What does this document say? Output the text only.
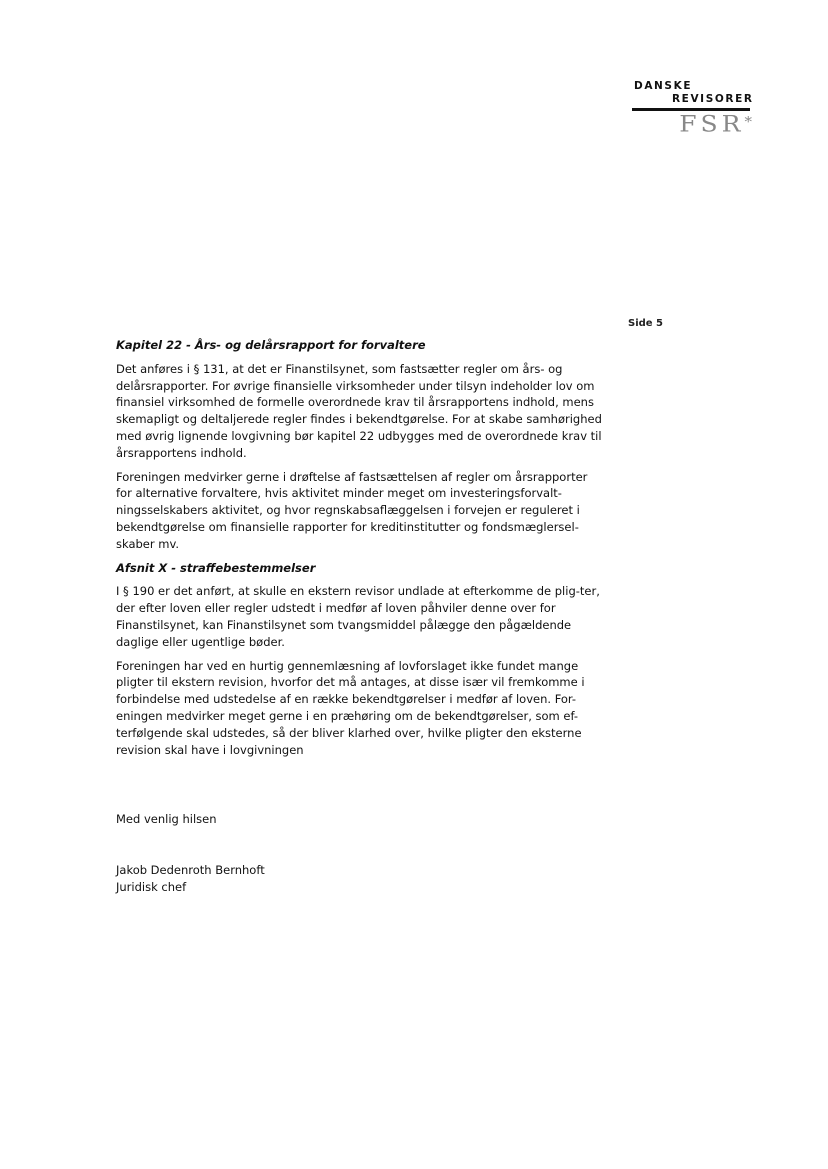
DANSKE
REVISORER
FSR*
Side 5
Kapitel 22 - Års- og delårsrapport for forvaltere

Det anføres i § 131, at det er Finanstilsynet, som fastsætter regler om års- og delårsrapporter. For øvrige finansielle virksomheder under tilsyn indeholder lov om finansiel virksomhed de formelle overordnede krav til årsrapportens indhold, mens skemapligt og deltaljerede regler findes i bekendtgørelse. For at skabe samhørighed med øvrig lignende lovgivning bør kapitel 22 udbygges med de overordnede krav til årsrapportens indhold.

Foreningen medvirker gerne i drøftelse af fastsættelsen af regler om årsrapporter for alternative forvaltere, hvis aktivitet minder meget om investeringsforvalt-ningsselskabers aktivitet, og hvor regnskabsaflæggelsen i forvejen er reguleret i bekendtgørelse om finansielle rapporter for kreditinstitutter og fondsmæglersel-skaber mv.

Afsnit X - straffebestemmelser

I § 190 er det anført, at skulle en ekstern revisor undlade at efterkomme de plig-ter, der efter loven eller regler udstedt i medfør af loven påhviler denne over for Finanstilsynet, kan Finanstilsynet som tvangsmiddel pålægge den pågældende daglige eller ugentlige bøder.

Foreningen har ved en hurtig gennemlæsning af lovforslaget ikke fundet mange pligter til ekstern revision, hvorfor det må antages, at disse især vil fremkomme i forbindelse med udstedelse af en række bekendtgørelser i medfør af loven. For-eningen medvirker meget gerne i en præhøring om de bekendtgørelser, som ef-terfølgende skal udstedes, så der bliver klarhed over, hvilke pligter den eksterne revision skal have i lovgivningen

Med venlig hilsen
Jakob Dedenroth Bernhoft
Juridisk chef
